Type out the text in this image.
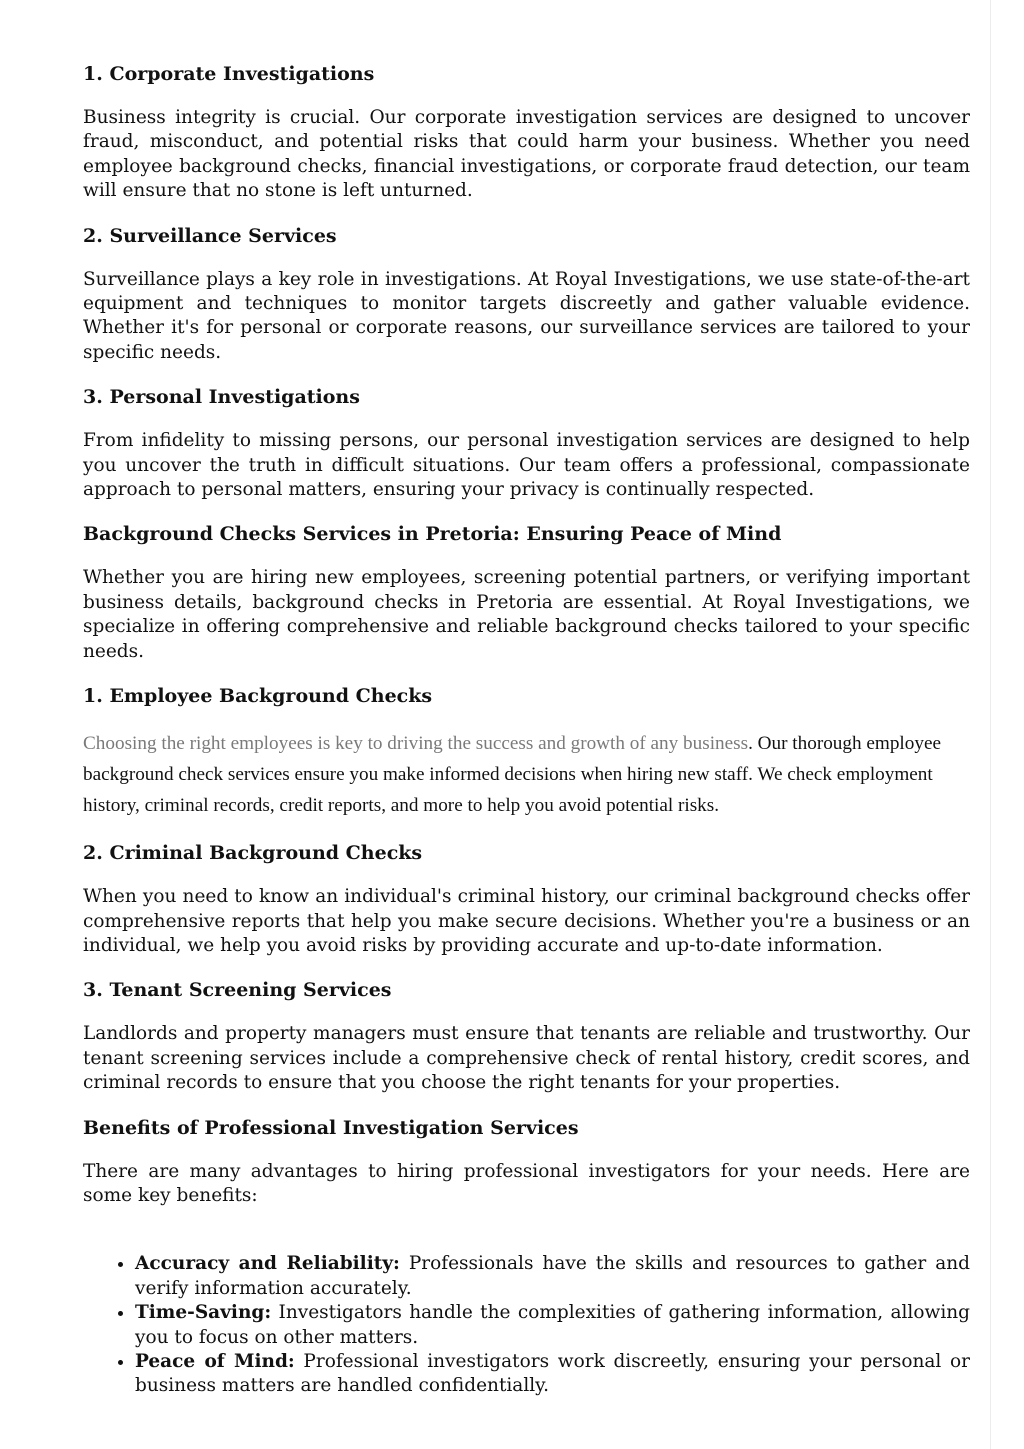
1. Corporate Investigations

Business integrity is crucial. Our corporate investigation services are designed to uncover fraud, misconduct, and potential risks that could harm your business. Whether you need employee background checks, financial investigations, or corporate fraud detection, our team will ensure that no stone is left unturned.

2. Surveillance Services

Surveillance plays a key role in investigations. At Royal Investigations, we use state-of-the-art equipment and techniques to monitor targets discreetly and gather valuable evidence. Whether it's for personal or corporate reasons, our surveillance services are tailored to your specific needs.

3. Personal Investigations

From infidelity to missing persons, our personal investigation services are designed to help you uncover the truth in difficult situations. Our team offers a professional, compassionate approach to personal matters, ensuring your privacy is continually respected.

Background Checks Services in Pretoria: Ensuring Peace of Mind

Whether you are hiring new employees, screening potential partners, or verifying important business details, background checks in Pretoria are essential. At Royal Investigations, we specialize in offering comprehensive and reliable background checks tailored to your specific needs.

1. Employee Background Checks

Choosing the right employees is key to driving the success and growth of any business. Our thorough employee background check services ensure you make informed decisions when hiring new staff. We check employment history, criminal records, credit reports, and more to help you avoid potential risks.

2. Criminal Background Checks

When you need to know an individual's criminal history, our criminal background checks offer comprehensive reports that help you make secure decisions. Whether you're a business or an individual, we help you avoid risks by providing accurate and up-to-date information.

3. Tenant Screening Services

Landlords and property managers must ensure that tenants are reliable and trustworthy. Our tenant screening services include a comprehensive check of rental history, credit scores, and criminal records to ensure that you choose the right tenants for your properties.

Benefits of Professional Investigation Services

There are many advantages to hiring professional investigators for your needs. Here are some key benefits:

• Accuracy and Reliability: Professionals have the skills and resources to gather and verify information accurately.
• Time-Saving: Investigators handle the complexities of gathering information, allowing you to focus on other matters.
• Peace of Mind: Professional investigators work discreetly, ensuring your personal or business matters are handled confidentially.
